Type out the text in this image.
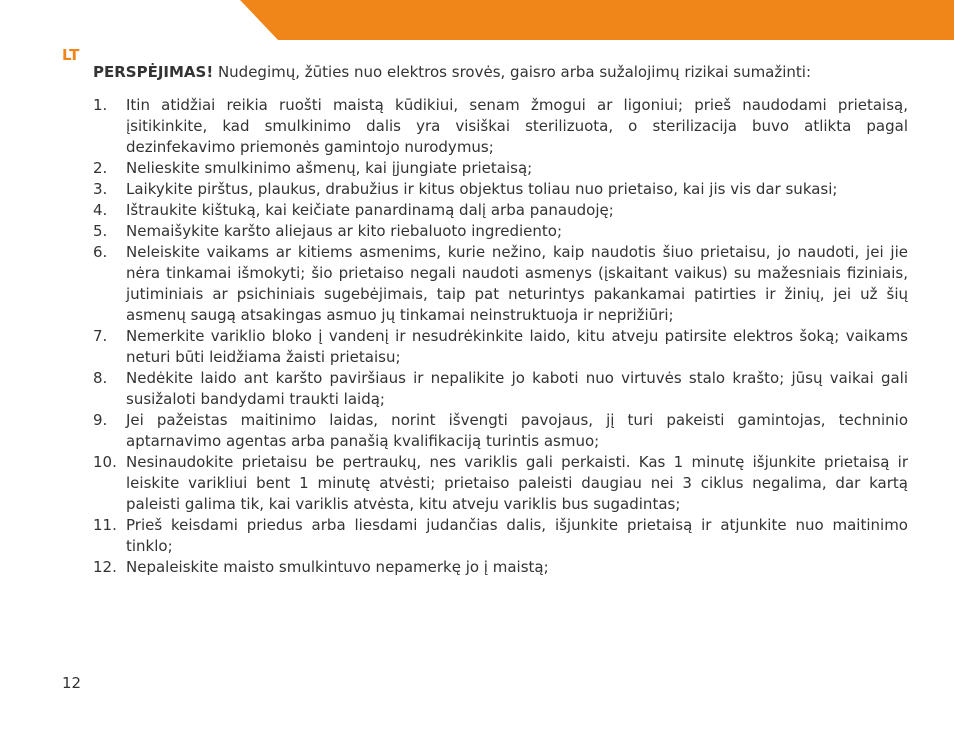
LT

PERSPĖJIMAS! Nudegimų, žūties nuo elektros srovės, gaisro arba sužalojimų rizikai sumažinti:

1. Itin atidžiai reikia ruošti maistą kūdikiui, senam žmogui ar ligoniui; prieš naudodami prietaisą, įsitikinkite, kad smulkinimo dalis yra visiškai sterilizuota, o sterilizacija buvo atlikta pagal dezinfekavimo priemonės gamintojo nurodymus;
2. Nelieskite smulkinimo ašmenų, kai įjungiate prietaisą;
3. Laikykite pirštus, plaukus, drabužius ir kitus objektus toliau nuo prietaiso, kai jis vis dar sukasi;
4. Ištraukite kištuką, kai keičiate panardinamą dalį arba panaudoję;
5. Nemaišykite karšto aliejaus ar kito riebaluoto ingrediento;
6. Neleiskite vaikams ar kitiems asmenims, kurie nežino, kaip naudotis šiuo prietaisu, jo naudoti, jei jie nėra tinkamai išmokyti; šio prietaiso negali naudoti asmenys (įskaitant vaikus) su mažesniais fiziniais, jutiminiais ar psichiniais sugebėjimais, taip pat neturintys pakankamai patirties ir žinių, jei už šių asmenų saugą atsakingas asmuo jų tinkamai neinstruktuoja ir neprižiūri;
7. Nemerkite variklio bloko į vandenį ir nesudrėkinkite laido, kitu atveju patirsite elektros šoką; vaikams neturi būti leidžiama žaisti prietaisu;
8. Nedėkite laido ant karšto paviršiaus ir nepalikite jo kaboti nuo virtuvės stalo krašto; jūsų vaikai gali susižaloti bandydami traukti laidą;
9. Jei pažeistas maitinimo laidas, norint išvengti pavojaus, jį turi pakeisti gamintojas, techninio aptarnavimo agentas arba panašią kvalifikaciją turintis asmuo;
10. Nesinaudokite prietaisu be pertraukų, nes variklis gali perkaisti. Kas 1 minutę išjunkite prietaisą ir leiskite varikliui bent 1 minutę atvėsti; prietaiso paleisti daugiau nei 3 ciklus negalima, dar kartą paleisti galima tik, kai variklis atvėsta, kitu atveju variklis bus sugadintas;
11. Prieš keisdami priedus arba liesdami judančias dalis, išjunkite prietaisą ir atjunkite nuo maitinimo tinklo;
12. Nepaleiskite maisto smulkintuvo nepamerkę jo į maistą;
12
